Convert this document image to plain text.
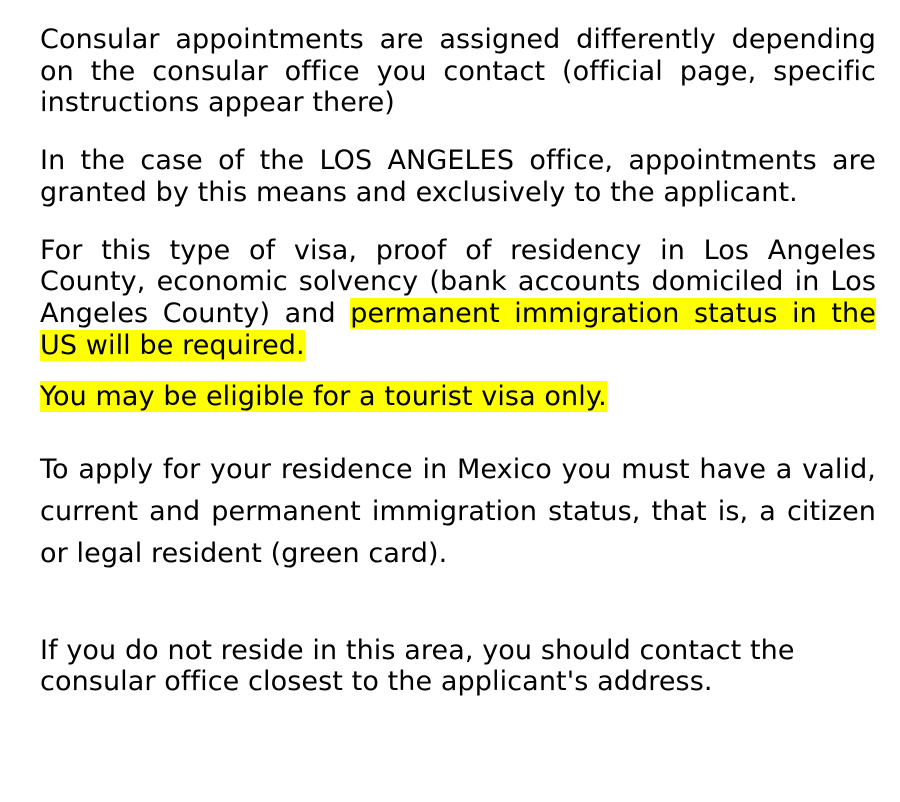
Consular appointments are assigned differently depending on the consular office you contact (official page, specific instructions appear there)

In the case of the LOS ANGELES office, appointments are granted by this means and exclusively to the applicant.

For this type of visa, proof of residency in Los Angeles County, economic solvency (bank accounts domiciled in Los Angeles County) and permanent immigration status in the US will be required.

You may be eligible for a tourist visa only.

To apply for your residence in Mexico you must have a valid, current and permanent immigration status, that is, a citizen or legal resident (green card).

If you do not reside in this area, you should contact the consular office closest to the applicant's address.
